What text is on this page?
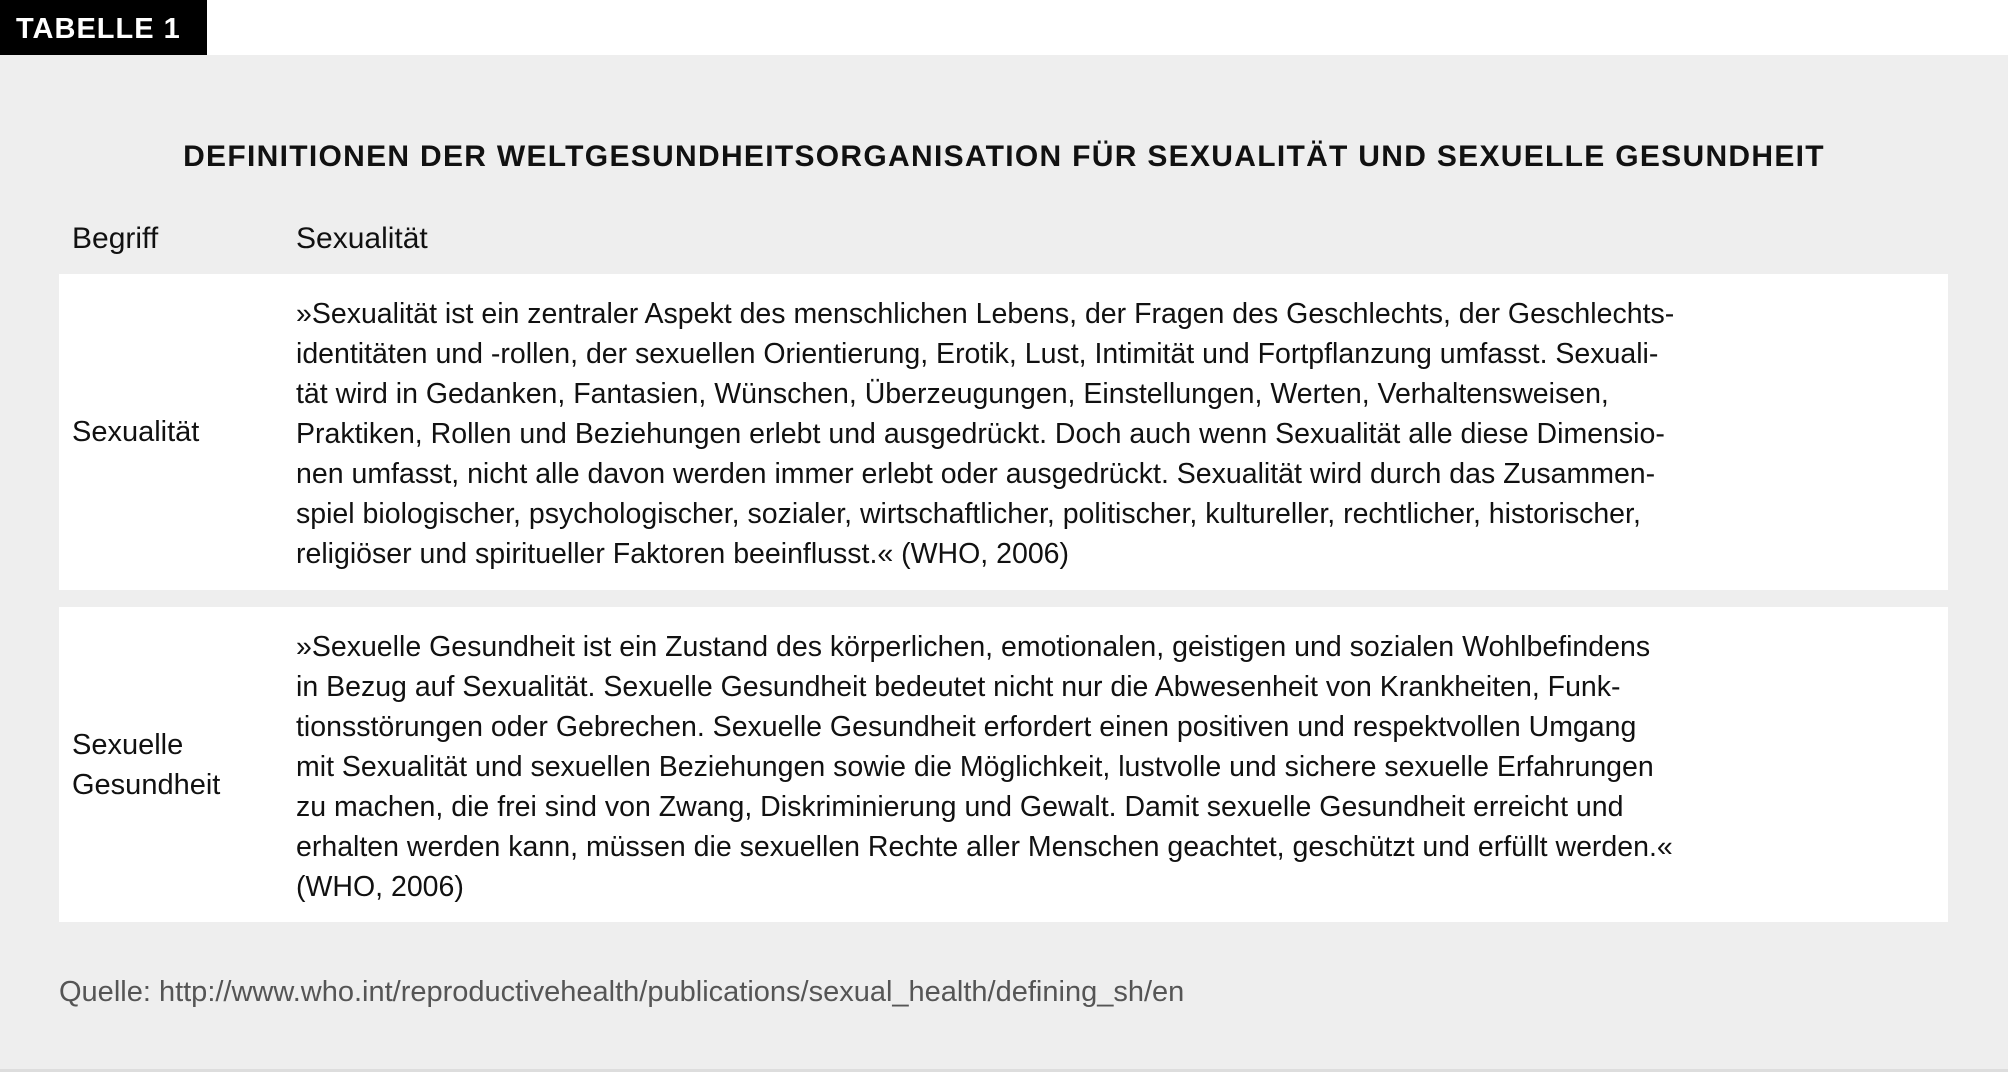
TABELLE 1
DEFINITIONEN DER WELTGESUNDHEITSORGANISATION FÜR SEXUALITÄT UND SEXUELLE GESUNDHEIT
Begriff	Sexualität
Sexualität
»Sexualität ist ein zentraler Aspekt des menschlichen Lebens, der Fragen des Geschlechts, der Geschlechts-
identitäten und -rollen, der sexuellen Orientierung, Erotik, Lust, Intimität und Fortpflanzung umfasst. Sexuali-
tät wird in Gedanken, Fantasien, Wünschen, Überzeugungen, Einstellungen, Werten, Verhaltensweisen,
Praktiken, Rollen und Beziehungen erlebt und ausgedrückt. Doch auch wenn Sexualität alle diese Dimensio-
nen umfasst, nicht alle davon werden immer erlebt oder ausgedrückt. Sexualität wird durch das Zusammen-
spiel biologischer, psychologischer, sozialer, wirtschaftlicher, politischer, kultureller, rechtlicher, historischer,
religiöser und spiritueller Faktoren beeinflusst.« (WHO, 2006)
Sexuelle
Gesundheit
»Sexuelle Gesundheit ist ein Zustand des körperlichen, emotionalen, geistigen und sozialen Wohlbefindens
in Bezug auf Sexualität. Sexuelle Gesundheit bedeutet nicht nur die Abwesenheit von Krankheiten, Funk-
tionsstörungen oder Gebrechen. Sexuelle Gesundheit erfordert einen positiven und respektvollen Umgang
mit Sexualität und sexuellen Beziehungen sowie die Möglichkeit, lustvolle und sichere sexuelle Erfahrungen
zu machen, die frei sind von Zwang, Diskriminierung und Gewalt. Damit sexuelle Gesundheit erreicht und
erhalten werden kann, müssen die sexuellen Rechte aller Menschen geachtet, geschützt und erfüllt werden.«
(WHO, 2006)
Quelle: http://www.who.int/reproductivehealth/publications/sexual_health/defining_sh/en
